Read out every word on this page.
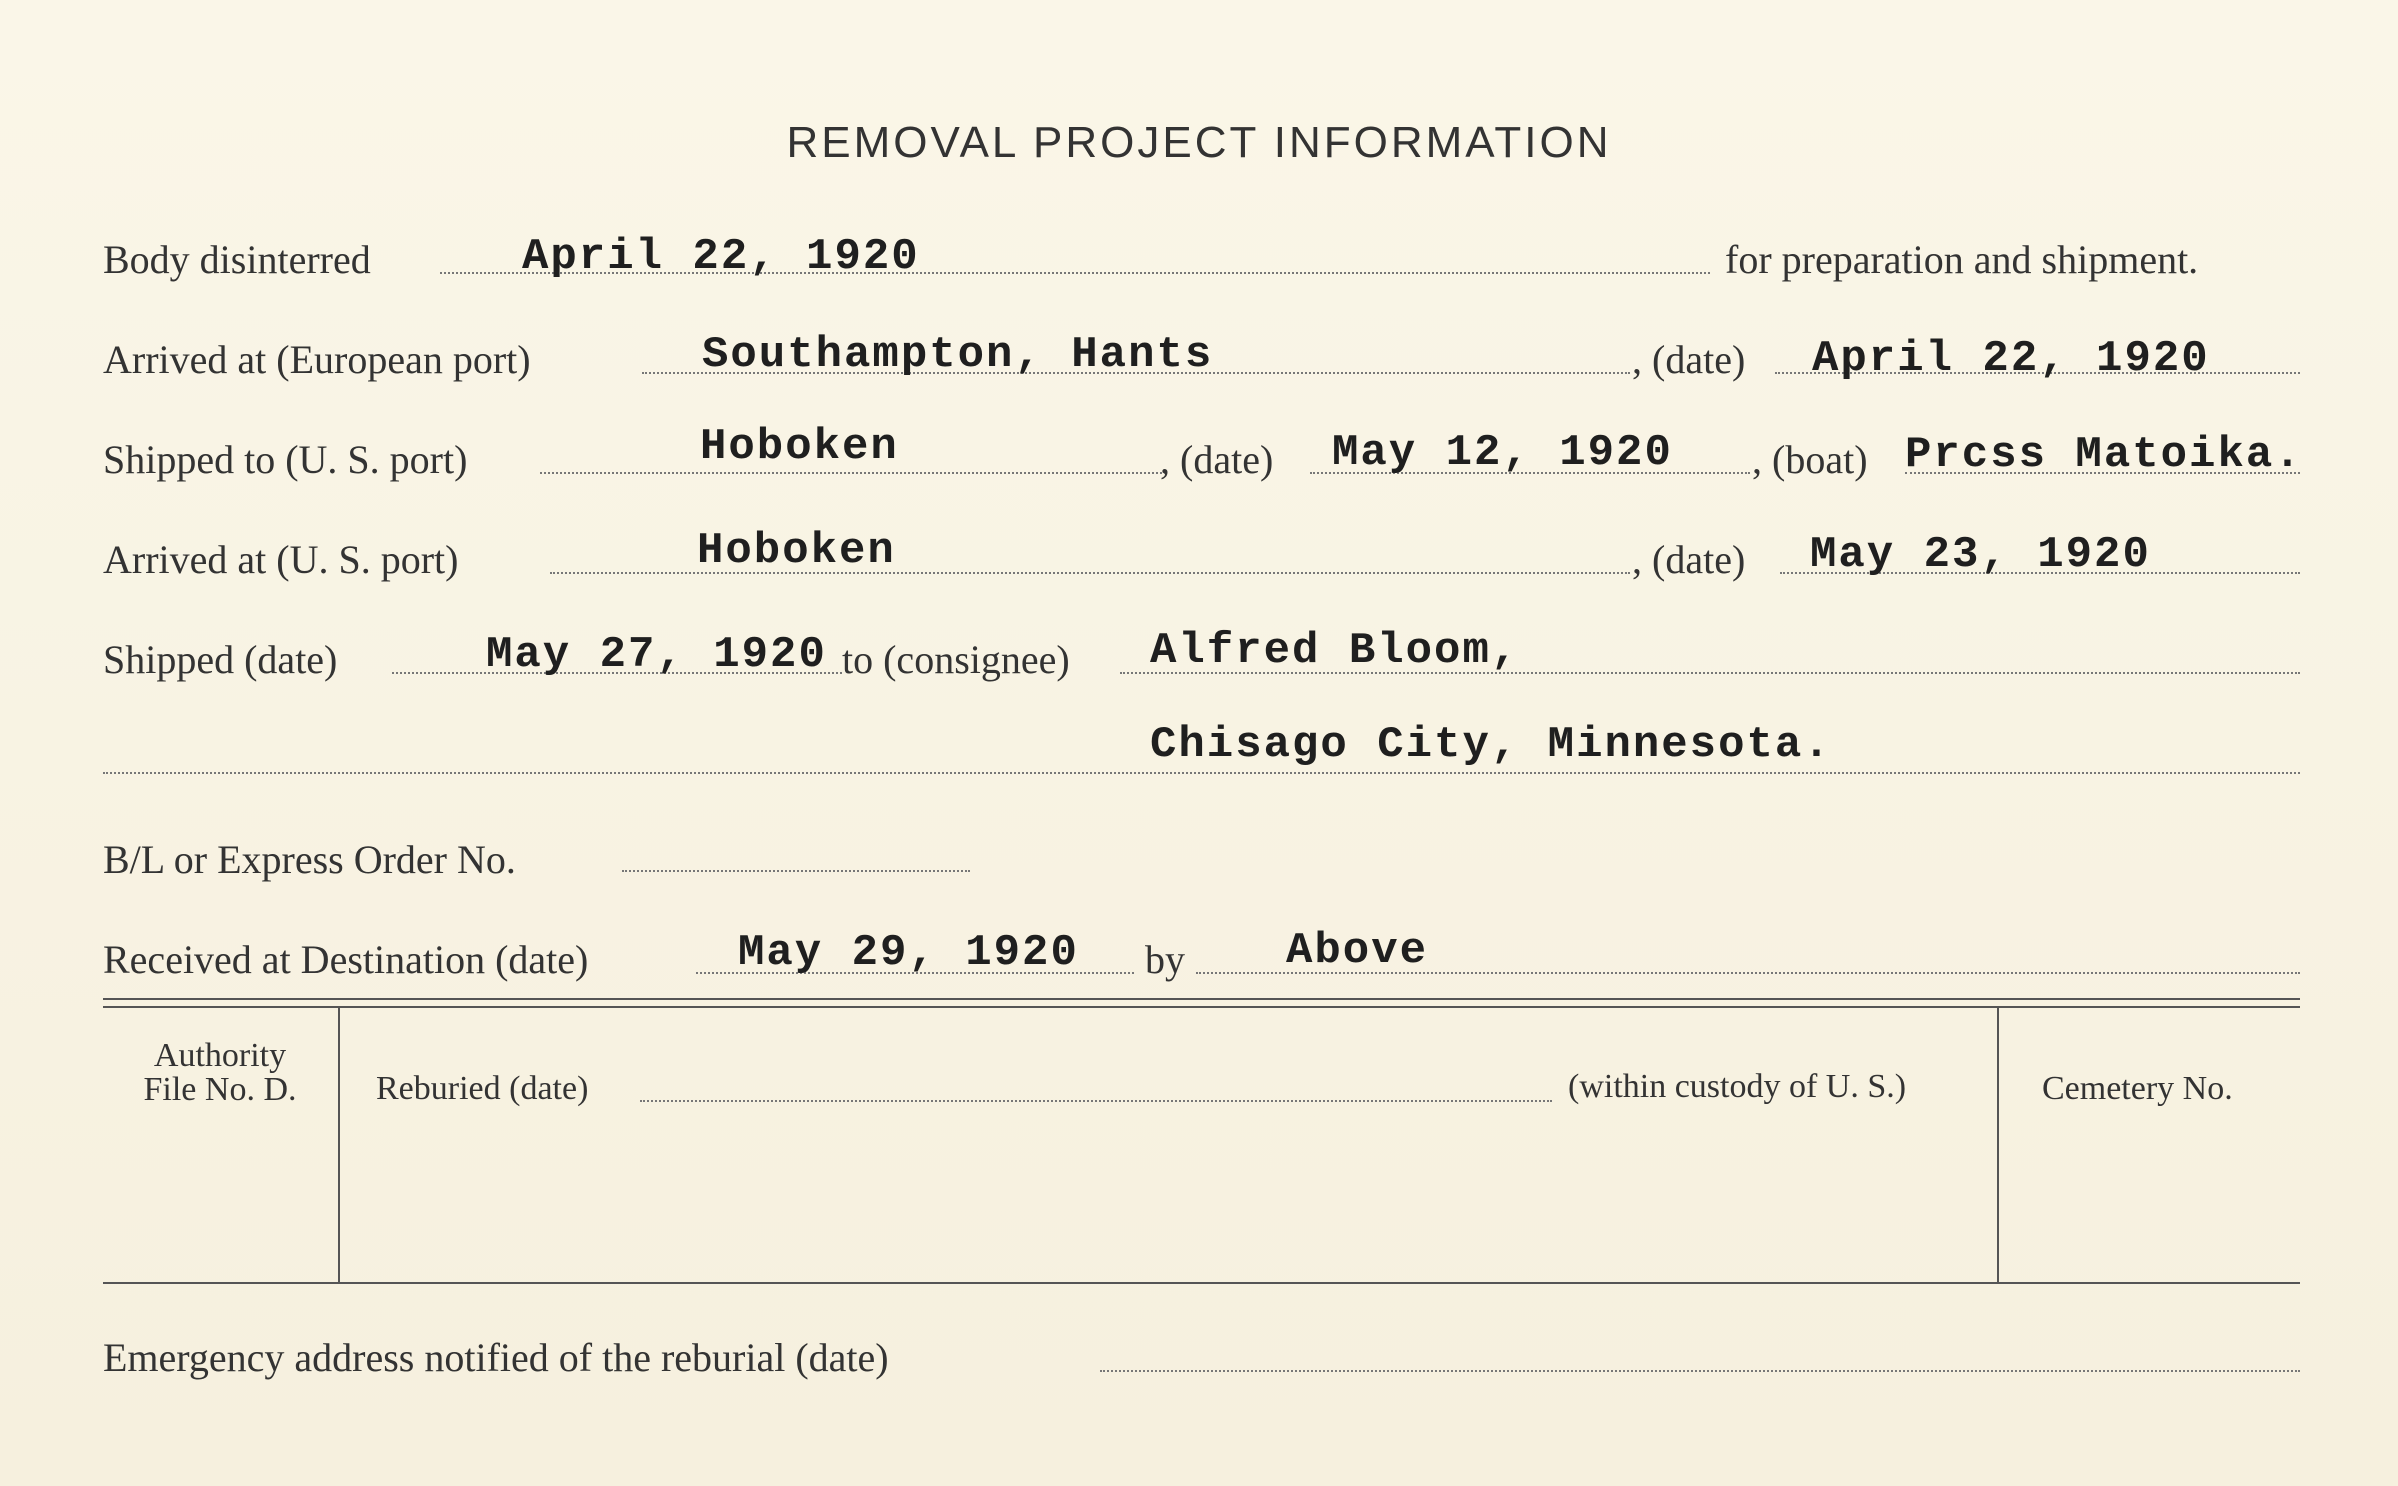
REMOVAL PROJECT INFORMATION
Body disinterred	April 22, 1920	for preparation and shipment.
Arrived at (European port)	Southampton, Hants	, (date) April 22, 1920
Shipped to (U. S. port)	Hoboken	, (date) May 12, 1920 , (boat) Prcss Matoika.
Arrived at (U. S. port)	Hoboken	, (date) May 23, 1920
Shipped (date)	May 27, 1920 to (consignee) Alfred Bloom,
Chisago City, Minnesota.
B/L or Express Order No.
Received at Destination (date)	May 29, 1920 by Above
Authority
File No. D.	Reburied (date)	(within custody of U. S.)	Cemetery No.
Emergency address notified of the reburial (date)
